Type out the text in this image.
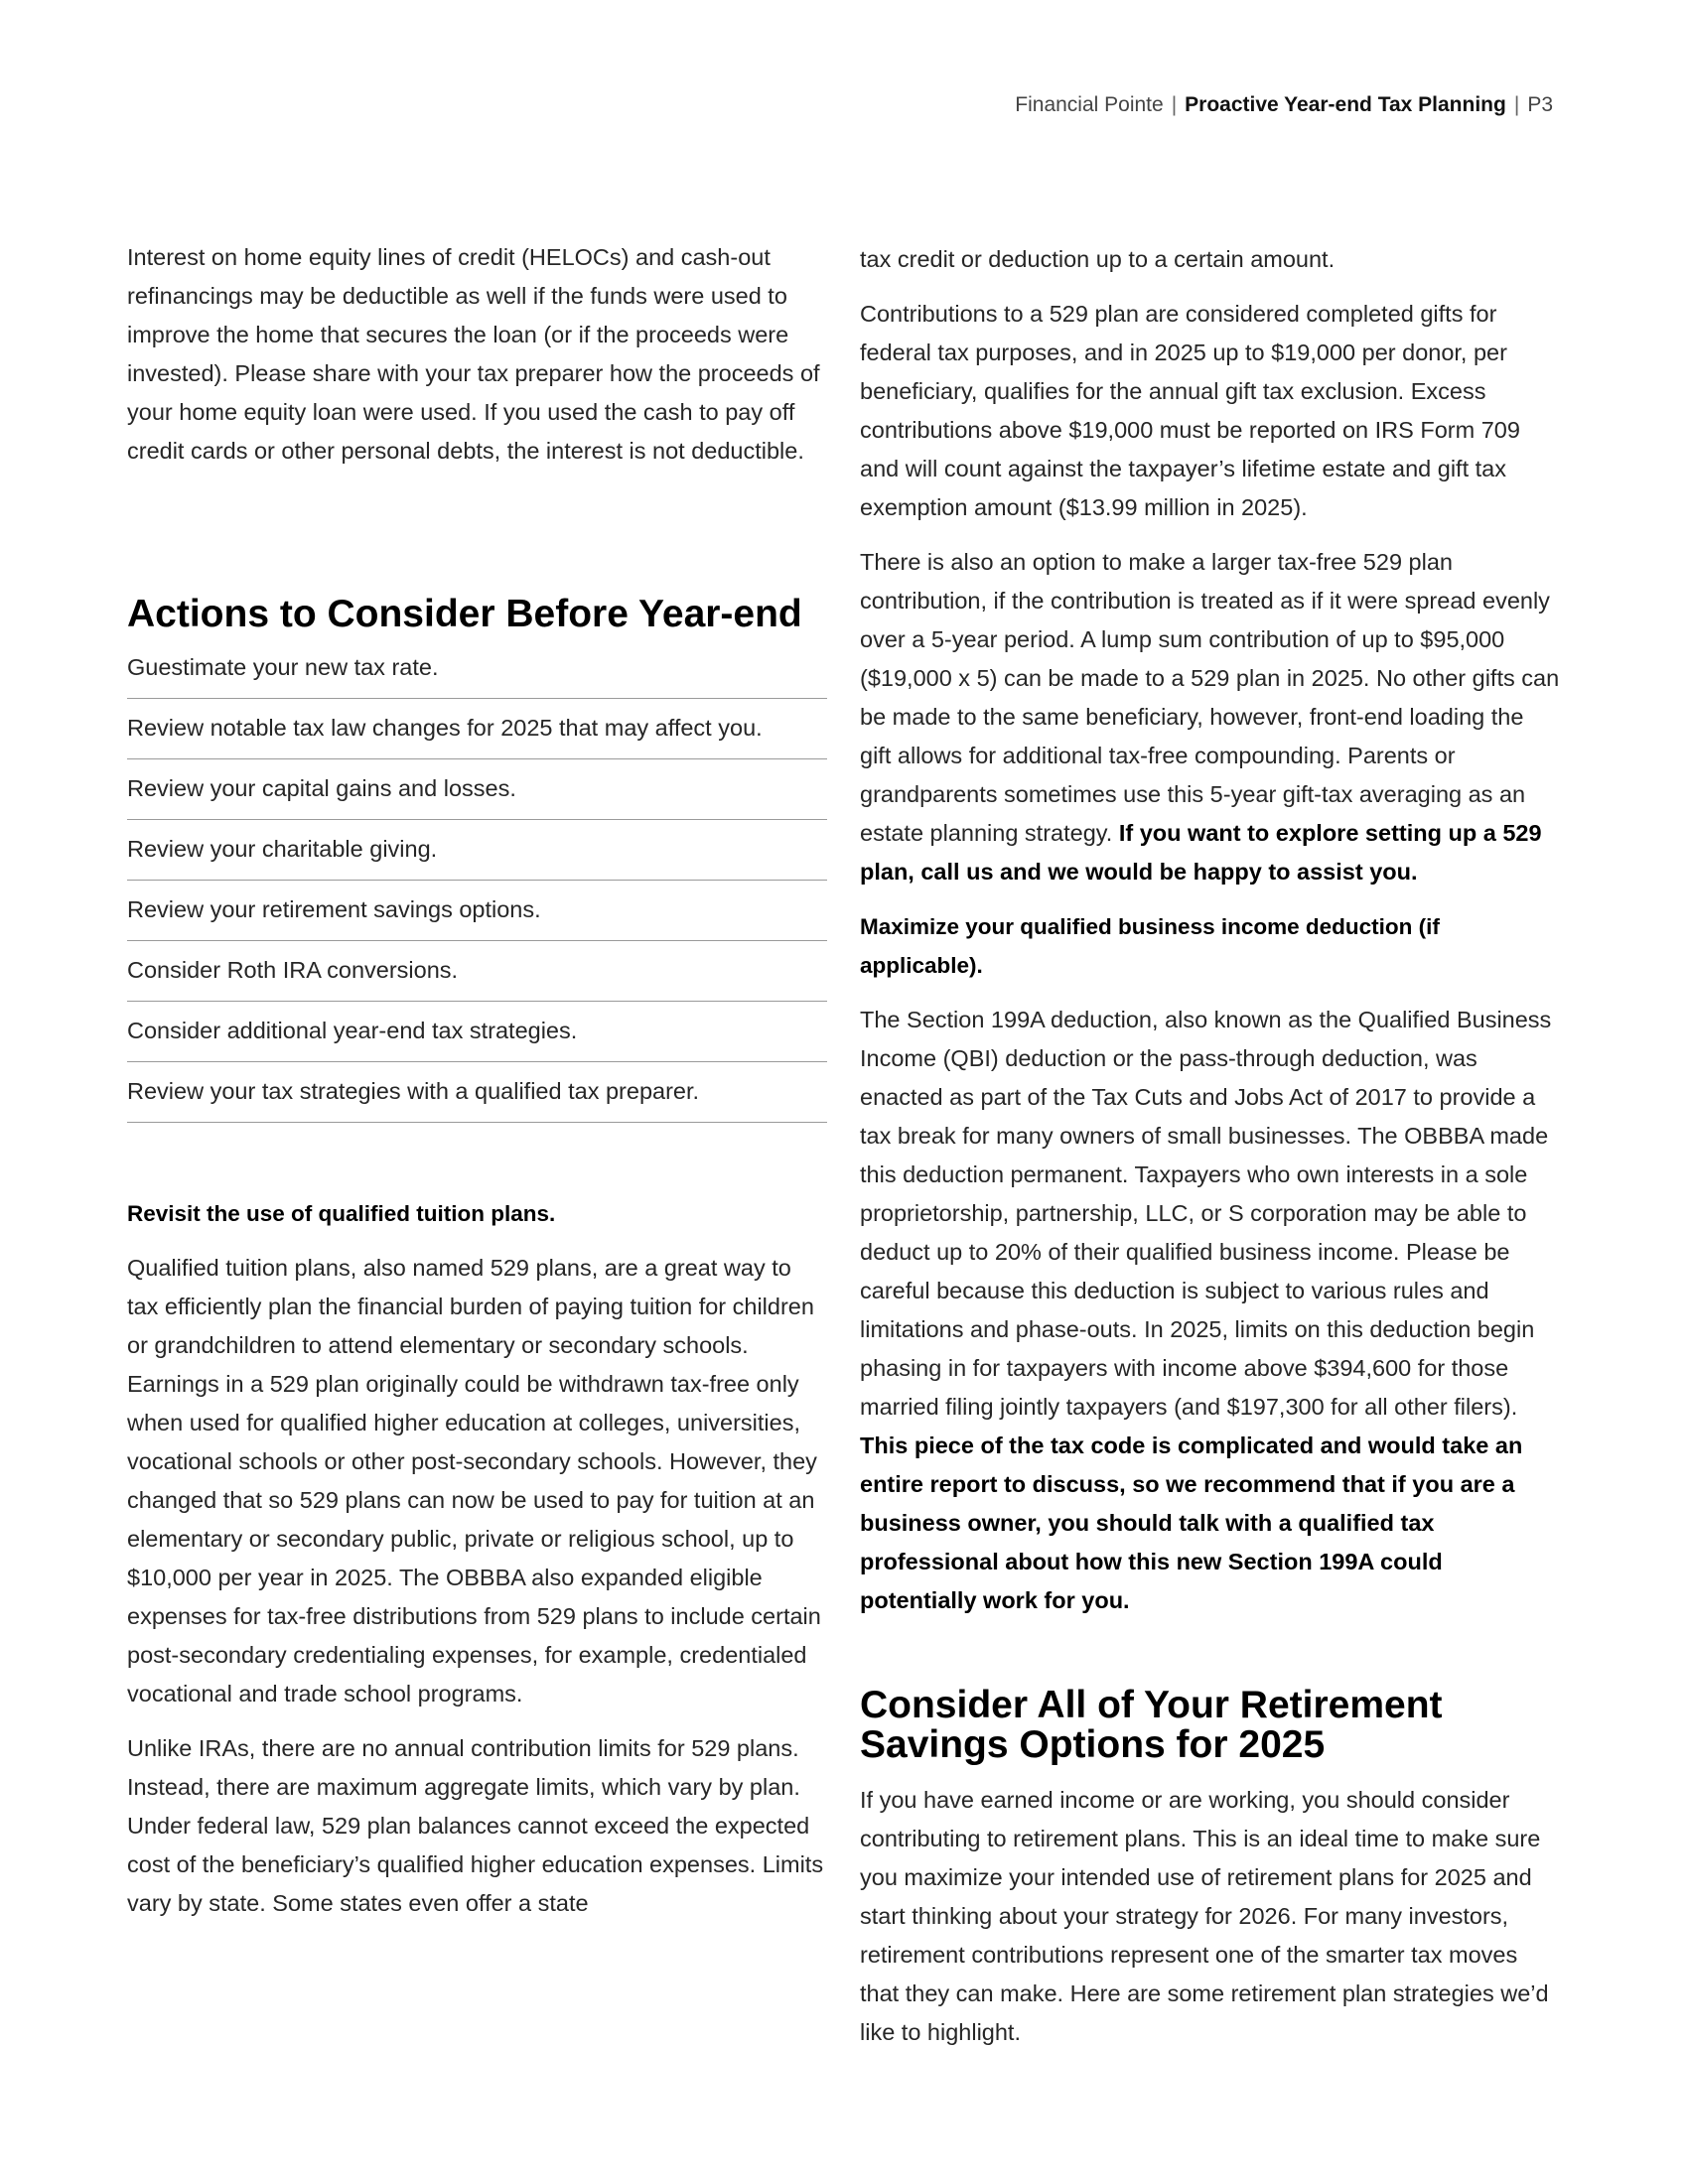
Financial Pointe | Proactive Year-end Tax Planning | P3

Interest on home equity lines of credit (HELOCs) and cash-out refinancings may be deductible as well if the funds were used to improve the home that secures the loan (or if the proceeds were invested). Please share with your tax preparer how the proceeds of your home equity loan were used. If you used the cash to pay off credit cards or other personal debts, the interest is not deductible.

Actions to Consider Before Year-end
Guestimate your new tax rate.
Review notable tax law changes for 2025 that may affect you.
Review your capital gains and losses.
Review your charitable giving.
Review your retirement savings options.
Consider Roth IRA conversions.
Consider additional year-end tax strategies.
Review your tax strategies with a qualified tax preparer.
Revisit the use of qualified tuition plans.

Qualified tuition plans, also named 529 plans, are a great way to tax efficiently plan the financial burden of paying tuition for children or grandchildren to attend elementary or secondary schools. Earnings in a 529 plan originally could be withdrawn tax-free only when used for qualified higher education at colleges, universities, vocational schools or other post-secondary schools. However, they changed that so 529 plans can now be used to pay for tuition at an elementary or secondary public, private or religious school, up to $10,000 per year in 2025. The OBBBA also expanded eligible expenses for tax-free distributions from 529 plans to include certain post-secondary credentialing expenses, for example, credentialed vocational and trade school programs.

Unlike IRAs, there are no annual contribution limits for 529 plans. Instead, there are maximum aggregate limits, which vary by plan. Under federal law, 529 plan balances cannot exceed the expected cost of the beneficiary’s qualified higher education expenses. Limits vary by state. Some states even offer a state

tax credit or deduction up to a certain amount.

Contributions to a 529 plan are considered completed gifts for federal tax purposes, and in 2025 up to $19,000 per donor, per beneficiary, qualifies for the annual gift tax exclusion. Excess contributions above $19,000 must be reported on IRS Form 709 and will count against the taxpayer’s lifetime estate and gift tax exemption amount ($13.99 million in 2025).

There is also an option to make a larger tax-free 529 plan contribution, if the contribution is treated as if it were spread evenly over a 5-year period. A lump sum contribution of up to $95,000 ($19,000 x 5) can be made to a 529 plan in 2025. No other gifts can be made to the same beneficiary, however, front-end loading the gift allows for additional tax-free compounding. Parents or grandparents sometimes use this 5-year gift-tax averaging as an estate planning strategy. If you want to explore setting up a 529 plan, call us and we would be happy to assist you.

Maximize your qualified business income deduction (if applicable).

The Section 199A deduction, also known as the Qualified Business Income (QBI) deduction or the pass-through deduction, was enacted as part of the Tax Cuts and Jobs Act of 2017 to provide a tax break for many owners of small businesses. The OBBBA made this deduction permanent. Taxpayers who own interests in a sole proprietorship, partnership, LLC, or S corporation may be able to deduct up to 20% of their qualified business income. Please be careful because this deduction is subject to various rules and limitations and phase-outs. In 2025, limits on this deduction begin phasing in for taxpayers with income above $394,600 for those married filing jointly taxpayers (and $197,300 for all other filers). This piece of the tax code is complicated and would take an entire report to discuss, so we recommend that if you are a business owner, you should talk with a qualified tax professional about how this new Section 199A could potentially work for you.

Consider All of Your Retirement Savings Options for 2025

If you have earned income or are working, you should consider contributing to retirement plans. This is an ideal time to make sure you maximize your intended use of retirement plans for 2025 and start thinking about your strategy for 2026. For many investors, retirement contributions represent one of the smarter tax moves that they can make. Here are some retirement plan strategies we’d like to highlight.
